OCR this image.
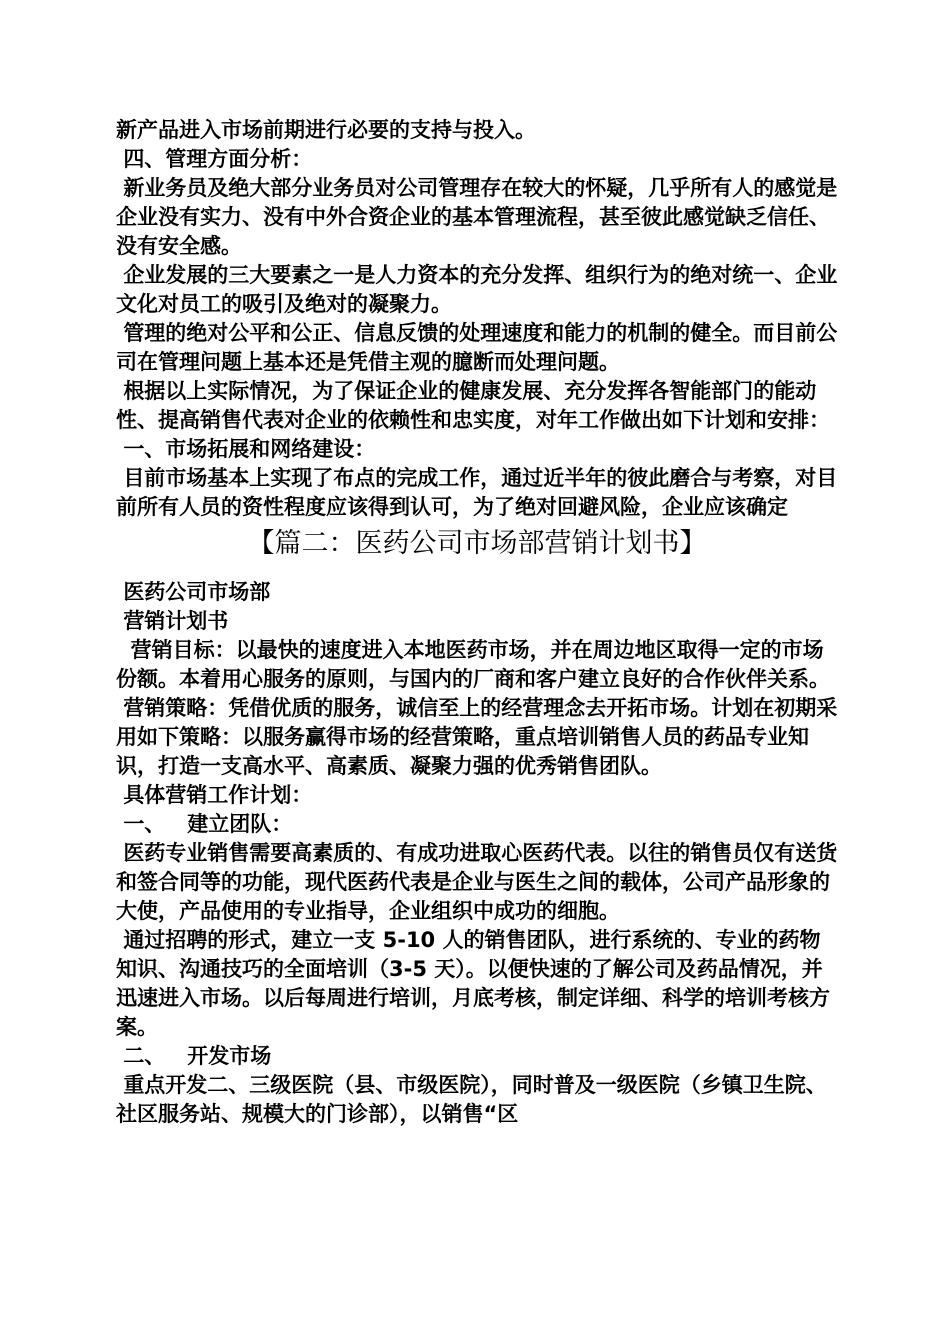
新产品进入市场前期进行必要的支持与投入。

四、管理方面分析：

新业务员及绝大部分业务员对公司管理存在较大的怀疑，几乎所有人的感觉是企业没有实力、没有中外合资企业的基本管理流程，甚至彼此感觉缺乏信任、没有安全感。

企业发展的三大要素之一是人力资本的充分发挥、组织行为的绝对统一、企业文化对员工的吸引及绝对的凝聚力。

管理的绝对公平和公正、信息反馈的处理速度和能力的机制的健全。而目前公司在管理问题上基本还是凭借主观的臆断而处理问题。

根据以上实际情况，为了保证企业的健康发展、充分发挥各智能部门的能动性、提高销售代表对企业的依赖性和忠实度，对年工作做出如下计划和安排：

一、市场拓展和网络建设：

目前市场基本上实现了布点的完成工作，通过近半年的彼此磨合与考察，对目前所有人员的资性程度应该得到认可，为了绝对回避风险，企业应该确定

【篇二：医药公司市场部营销计划书】

医药公司市场部

营销计划书

营销目标：以最快的速度进入本地医药市场，并在周边地区取得一定的市场份额。本着用心服务的原则，与国内的厂商和客户建立良好的合作伙伴关系。

营销策略：凭借优质的服务，诚信至上的经营理念去开拓市场。计划在初期采用如下策略：以服务赢得市场的经营策略，重点培训销售人员的药品专业知识，打造一支高水平、高素质、凝聚力强的优秀销售团队。

具体营销工作计划：

一、   建立团队：

医药专业销售需要高素质的、有成功进取心医药代表。以往的销售员仅有送货和签合同等的功能，现代医药代表是企业与医生之间的载体，公司产品形象的大使，产品使用的专业指导，企业组织中成功的细胞。

通过招聘的形式，建立一支 5-10 人的销售团队，进行系统的、专业的药物知识、沟通技巧的全面培训（3-5 天）。以便快速的了解公司及药品情况，并迅速进入市场。以后每周进行培训，月底考核，制定详细、科学的培训考核方案。

二、   开发市场

重点开发二、三级医院（县、市级医院），同时普及一级医院（乡镇卫生院、社区服务站、规模大的门诊部），以销售“区
